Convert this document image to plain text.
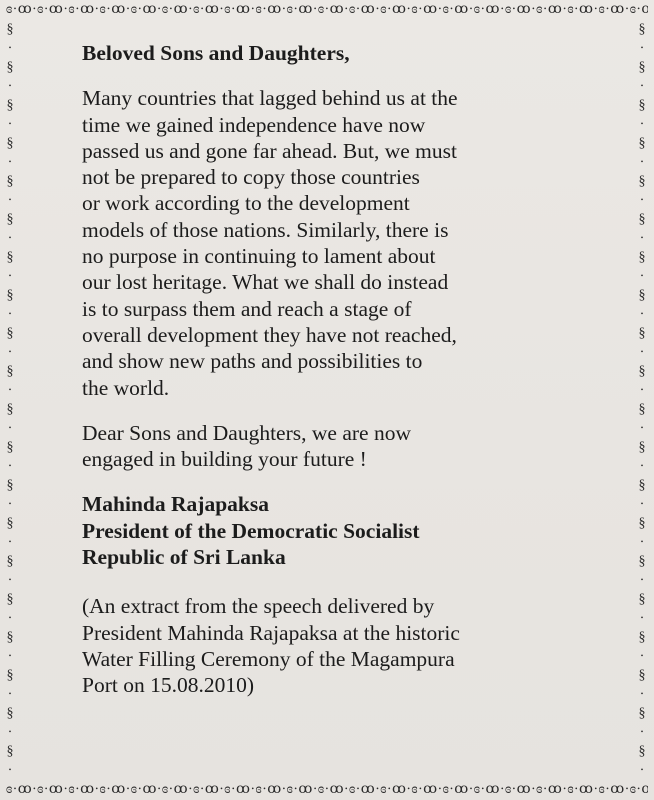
ɞ∙ꝏ∙ɞ∙ꝏ∙ɞ∙ꝏ∙ɞ∙ꝏ∙ɞ∙ꝏ∙ɞ∙ꝏ∙ɞ∙ꝏ∙ɞ∙ꝏ∙ɞ∙ꝏ∙ɞ∙ꝏ∙ɞ∙ꝏ∙ɞ∙ꝏ∙ɞ∙ꝏ∙ɞ∙ꝏ∙ɞ∙ꝏ∙ɞ∙ꝏ∙ɞ∙ꝏ∙ɞ∙ꝏ∙ɞ∙ꝏ∙ɞ∙ꝏ∙ɞ∙ꝏ∙ɞ∙ꝏ∙ɞ∙ꝏ∙ɞ∙ꝏ∙ɞ∙ꝏ∙ɞ∙ꝏ∙ɞ∙ꝏ∙ɞ∙ꝏ∙ɞ
ɞ∙ꝏ∙ɞ∙ꝏ∙ɞ∙ꝏ∙ɞ∙ꝏ∙ɞ∙ꝏ∙ɞ∙ꝏ∙ɞ∙ꝏ∙ɞ∙ꝏ∙ɞ∙ꝏ∙ɞ∙ꝏ∙ɞ∙ꝏ∙ɞ∙ꝏ∙ɞ∙ꝏ∙ɞ∙ꝏ∙ɞ∙ꝏ∙ɞ∙ꝏ∙ɞ∙ꝏ∙ɞ∙ꝏ∙ɞ∙ꝏ∙ɞ∙ꝏ∙ɞ∙ꝏ∙ɞ∙ꝏ∙ɞ∙ꝏ∙ɞ∙ꝏ∙ɞ∙ꝏ∙ɞ∙ꝏ∙ɞ∙ꝏ∙ɞ∙ꝏ∙ɞ
§ ∙ § ∙ § ∙ § ∙ § ∙ § ∙ § ∙ § ∙ § ∙ § ∙ § ∙ § ∙ § ∙ § ∙ § ∙ § ∙ § ∙ § ∙ § ∙ § ∙ § ∙ § ∙ § ∙ § ∙ § ∙ § ∙ § ∙ § ∙ § ∙ § ∙ § ∙ § ∙ § ∙ § ∙ § ∙ § ∙ § ∙ § ∙ § ∙ §
§ ∙ § ∙ § ∙ § ∙ § ∙ § ∙ § ∙ § ∙ § ∙ § ∙ § ∙ § ∙ § ∙ § ∙ § ∙ § ∙ § ∙ § ∙ § ∙ § ∙ § ∙ § ∙ § ∙ § ∙ § ∙ § ∙ § ∙ § ∙ § ∙ § ∙ § ∙ § ∙ § ∙ § ∙ § ∙ § ∙ § ∙ § ∙ § ∙ §

Beloved Sons and Daughters,

Many countries that lagged behind us at the
time we gained independence have now
passed us and gone far ahead. But, we must
not be prepared to copy those countries
or work according to the development
models of those nations. Similarly, there is
no purpose in continuing to lament about
our lost heritage. What we shall do instead
is to surpass them and reach a stage of
overall development they have not reached,
and show new paths and possibilities to
the world.

Dear Sons and Daughters, we are now
engaged in building your future !

Mahinda Rajapaksa

President of the Democratic Socialist

Republic of Sri Lanka

(An extract from the speech delivered by
President Mahinda Rajapaksa at the historic
Water Filling Ceremony of the Magampura
Port on 15.08.2010)
